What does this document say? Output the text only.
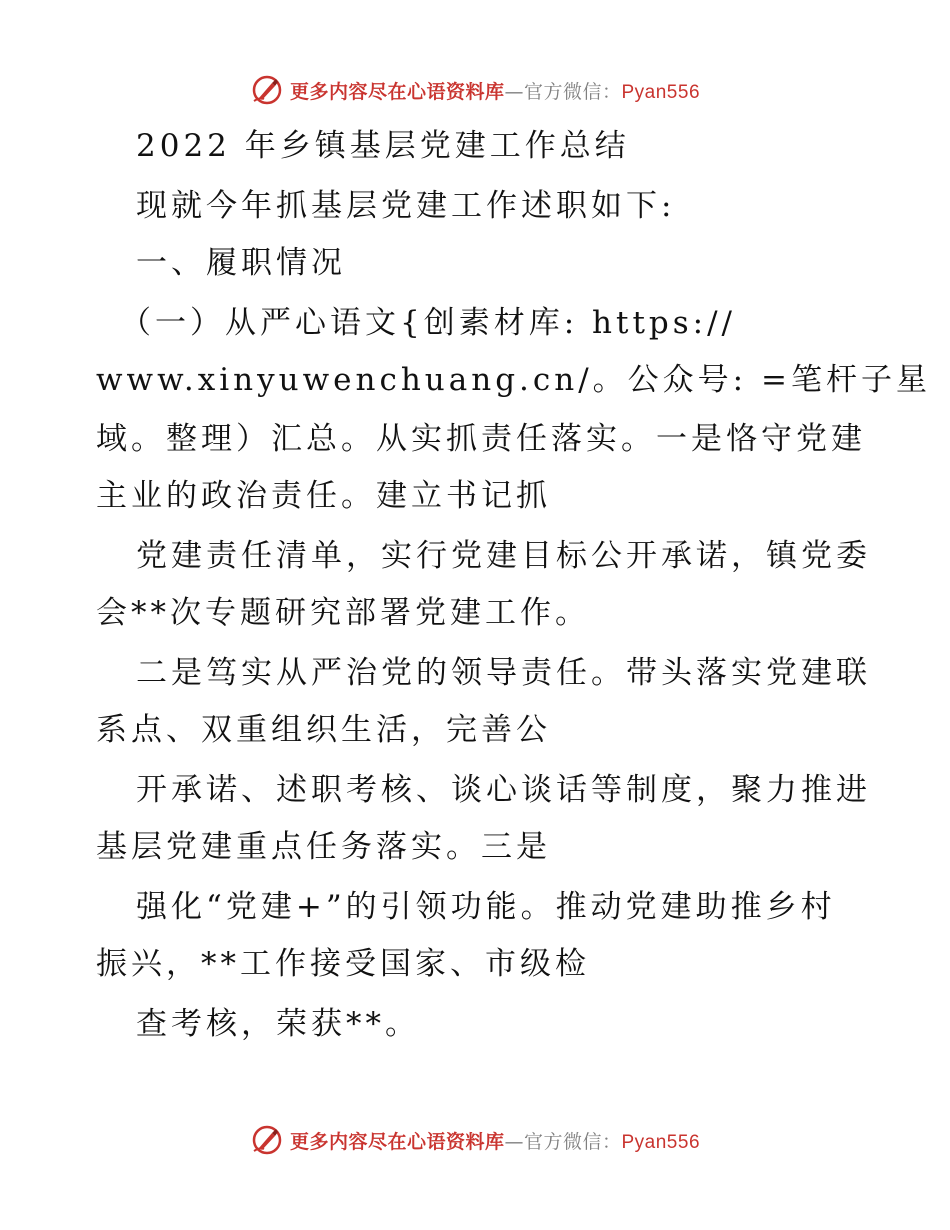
更多内容尽在心语资料库—官方微信：Pyan556
2022 年乡镇基层党建工作总结
现就今年抓基层党建工作述职如下:
一、履职情况
（一）从严心语文{创素材库: https://
www.xinyuwenchuang.cn/。公众号: =笔杆子星
域。整理）汇总。从实抓责任落实。一是恪守党建
主业的政治责任。建立书记抓
党建责任清单，实行党建目标公开承诺，镇党委
会**次专题研究部署党建工作。
二是笃实从严治党的领导责任。带头落实党建联
系点、双重组织生活，完善公
开承诺、述职考核、谈心谈话等制度，聚力推进
基层党建重点任务落实。三是
强化“党建+”的引领功能。推动党建助推乡村
振兴，**工作接受国家、市级检
查考核，荣获**。
更多内容尽在心语资料库—官方微信：Pyan556
